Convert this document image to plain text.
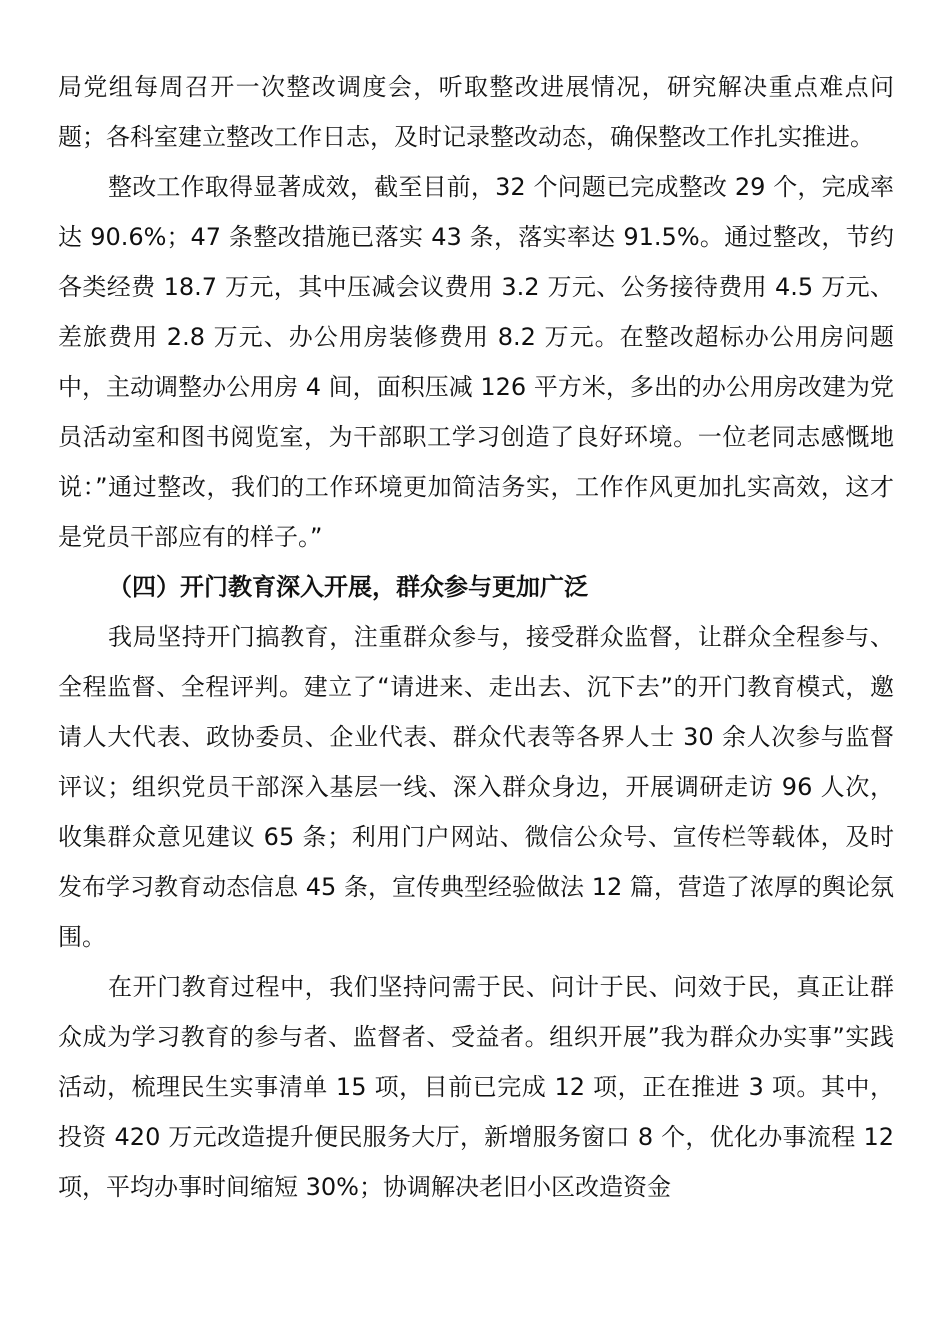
局党组每周召开一次整改调度会，听取整改进展情况，研究解决重点难点问题；各科室建立整改工作日志，及时记录整改动态，确保整改工作扎实推进。

整改工作取得显著成效，截至目前，32 个问题已完成整改 29 个，完成率达 90.6%；47 条整改措施已落实 43 条，落实率达 91.5%。通过整改，节约各类经费 18.7 万元，其中压减会议费用 3.2 万元、公务接待费用 4.5 万元、差旅费用 2.8 万元、办公用房装修费用 8.2 万元。在整改超标办公用房问题中，主动调整办公用房 4 间，面积压减 126 平方米，多出的办公用房改建为党员活动室和图书阅览室，为干部职工学习创造了良好环境。一位老同志感慨地说：”通过整改，我们的工作环境更加简洁务实，工作作风更加扎实高效，这才是党员干部应有的样子。”

（四）开门教育深入开展，群众参与更加广泛

我局坚持开门搞教育，注重群众参与，接受群众监督，让群众全程参与、全程监督、全程评判。建立了“请进来、走出去、沉下去”的开门教育模式，邀请人大代表、政协委员、企业代表、群众代表等各界人士 30 余人次参与监督评议；组织党员干部深入基层一线、深入群众身边，开展调研走访 96 人次，收集群众意见建议 65 条；利用门户网站、微信公众号、宣传栏等载体，及时发布学习教育动态信息 45 条，宣传典型经验做法 12 篇，营造了浓厚的舆论氛围。

在开门教育过程中，我们坚持问需于民、问计于民、问效于民，真正让群众成为学习教育的参与者、监督者、受益者。组织开展”我为群众办实事”实践活动，梳理民生实事清单 15 项，目前已完成 12 项，正在推进 3 项。其中，投资 420 万元改造提升便民服务大厅，新增服务窗口 8 个，优化办事流程 12 项，平均办事时间缩短 30%；协调解决老旧小区改造资金
